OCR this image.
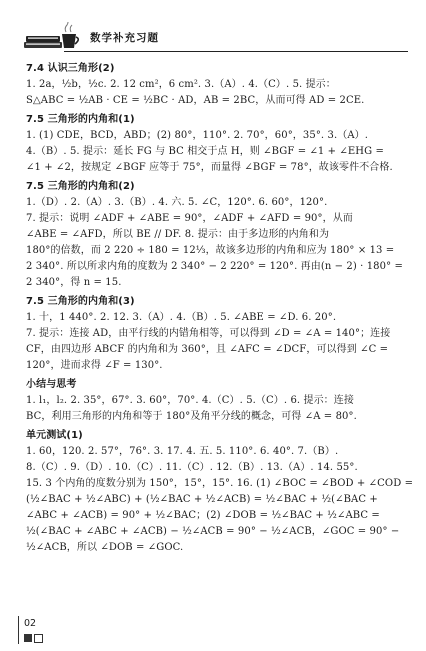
数学补充习题
7.4 认识三角形(2)
1. 2a，½b，½c. 2. 12 cm²，6 cm². 3.（A）. 4.（C）. 5. 提示：
S△ABC = ½AB · CE = ½BC · AD，AB = 2BC，从而可得 AD = 2CE.
7.5 三角形的内角和(1)
1. (1) CDE，BCD，ABD；(2) 80°，110°. 2. 70°，60°，35°. 3.（A）.
4.（B）. 5. 提示：延长 FG 与 BC 相交于点 H，则 ∠BGF = ∠1 + ∠EHG =
∠1 + ∠2，按规定 ∠BGF 应等于 75°，而量得 ∠BGF = 78°，故该零件不合格.
7.5 三角形的内角和(2)
1.（D）. 2.（A）. 3.（B）. 4. 六. 5. ∠C，120°. 6. 60°，120°.
7. 提示：说明 ∠ADF + ∠ABE = 90°，∠ADF + ∠AFD = 90°，从而
∠ABE = ∠AFD，所以 BE // DF. 8. 提示：由于多边形的内角和为
180°的倍数，而 2 220 ÷ 180 = 12⅓，故该多边形的内角和应为 180° × 13 =
2 340°. 所以所求内角的度数为 2 340° − 2 220° = 120°. 再由(n − 2) · 180° =
2 340°，得 n = 15.
7.5 三角形的内角和(3)
1. 十，1 440°. 2. 12. 3.（A）. 4.（B）. 5. ∠ABE = ∠D. 6. 20°.
7. 提示：连接 AD，由平行线的内错角相等，可以得到 ∠D = ∠A = 140°；连接
CF，由四边形 ABCF 的内角和为 360°，且 ∠AFC = ∠DCF，可以得到 ∠C =
120°，进而求得 ∠F = 130°.
小结与思考
1. l₁，l₂. 2. 35°，67°. 3. 60°，70°. 4.（C）. 5.（C）. 6. 提示：连接
BC，利用三角形的内角和等于 180°及角平分线的概念，可得 ∠A = 80°.
单元测试(1)
1. 60，120. 2. 57°，76°. 3. 17. 4. 五. 5. 110°. 6. 40°. 7.（B）.
8.（C）. 9.（D）. 10.（C）. 11.（C）. 12.（B）. 13.（A）. 14. 55°.
15. 3 个内角的度数分别为 150°，15°，15°. 16. (1) ∠BOC = ∠BOD + ∠COD =
(½∠BAC + ½∠ABC) + (½∠BAC + ½∠ACB) = ½∠BAC + ½(∠BAC +
∠ABC + ∠ACB) = 90° + ½∠BAC；(2) ∠DOB = ½∠BAC + ½∠ABC =
½(∠BAC + ∠ABC + ∠ACB) − ½∠ACB = 90° − ½∠ACB，∠GOC = 90° −
½∠ACB，所以 ∠DOB = ∠GOC.
02
